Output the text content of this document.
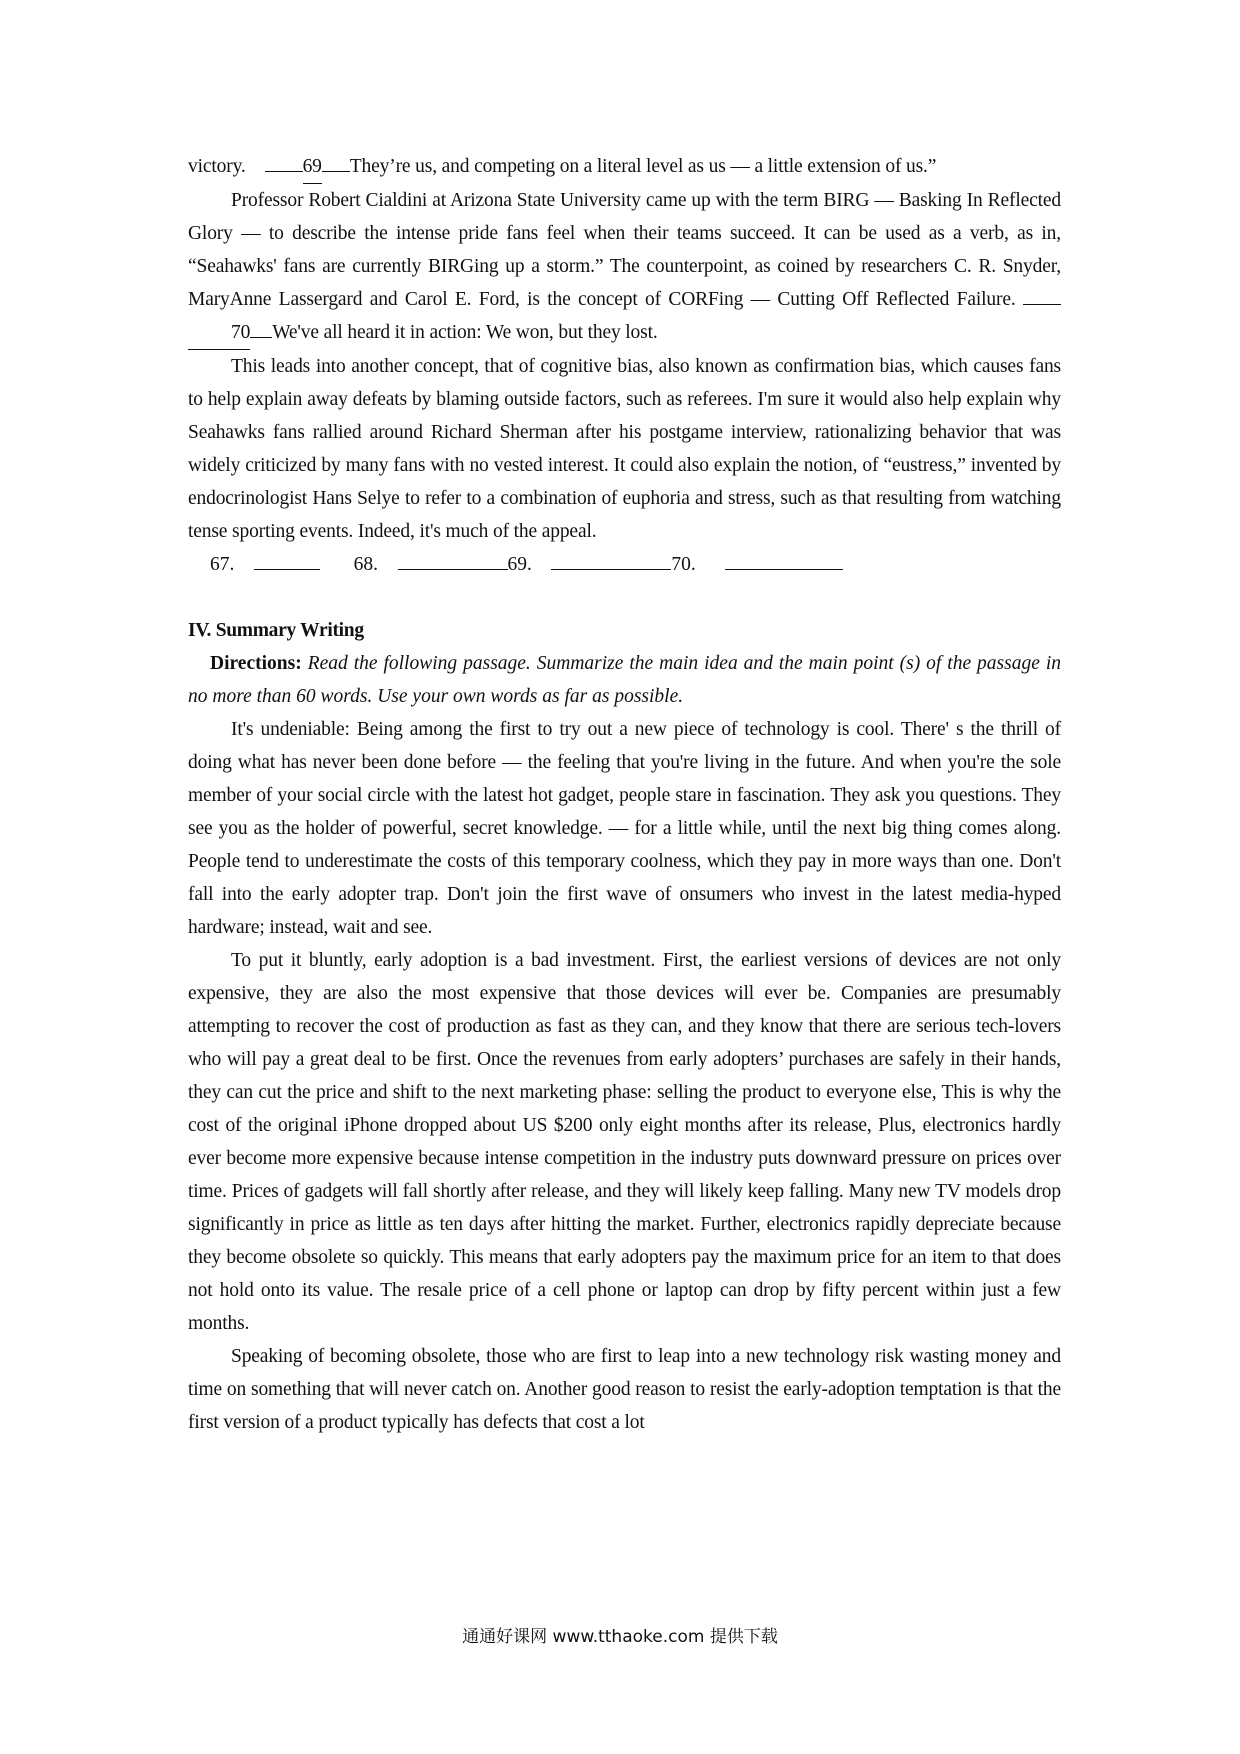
victory.	69 They’re us, and competing on a literal level as us — a little extension of us.”

Professor Robert Cialdini at Arizona State University came up with the term BIRG — Basking In Reflected Glory — to describe the intense pride fans feel when their teams succeed. It can be used as a verb, as in, “Seahawks' fans are currently BIRGing up a storm.” The counterpoint, as coined by researchers C. R. Snyder, MaryAnne Lassergard and Carol E. Ford, is the concept of CORFing — Cutting Off Reflected Failure. 70 We've all heard it in action: We won, but they lost.

This leads into another concept, that of cognitive bias, also known as confirmation bias, which causes fans to help explain away defeats by blaming outside factors, such as referees. I'm sure it would also help explain why Seahawks fans rallied around Richard Sherman after his postgame interview, rationalizing behavior that was widely criticized by many fans with no vested interest. It could also explain the notion, of “eustress,” invented by endocrinologist Hans Selye to refer to a combination of euphoria and stress, such as that resulting from watching tense sporting events. Indeed, it's much of the appeal.

67.	68.	69.	70.

IV. Summary Writing

Directions: Read the following passage. Summarize the main idea and the main point (s) of the passage in no more than 60 words. Use your own words as far as possible.

It's undeniable: Being among the first to try out a new piece of technology is cool. There' s the thrill of doing what has never been done before — the feeling that you're living in the future. And when you're the sole member of your social circle with the latest hot gadget, people stare in fascination. They ask you questions. They see you as the holder of powerful, secret knowledge. — for a little while, until the next big thing comes along. People tend to underestimate the costs of this temporary coolness, which they pay in more ways than one. Don't fall into the early adopter trap. Don't join the first wave of onsumers who invest in the latest media-hyped hardware; instead, wait and see.

To put it bluntly, early adoption is a bad investment. First, the earliest versions of devices are not only expensive, they are also the most expensive that those devices will ever be. Companies are presumably attempting to recover the cost of production as fast as they can, and they know that there are serious tech-lovers who will pay a great deal to be first. Once the revenues from early adopters’ purchases are safely in their hands, they can cut the price and shift to the next marketing phase: selling the product to everyone else, This is why the cost of the original iPhone dropped about US $200 only eight months after its release, Plus, electronics hardly ever become more expensive because intense competition in the industry puts downward pressure on prices over time. Prices of gadgets will fall shortly after release, and they will likely keep falling. Many new TV models drop significantly in price as little as ten days after hitting the market. Further, electronics rapidly depreciate because they become obsolete so quickly. This means that early adopters pay the maximum price for an item to that does not hold onto its value. The resale price of a cell phone or laptop can drop by fifty percent within just a few months.

Speaking of becoming obsolete, those who are first to leap into a new technology risk wasting money and time on something that will never catch on. Another good reason to resist the early-adoption temptation is that the first version of a product typically has defects that cost a lot

通通好课网 www.tthaoke.com 提供下载
